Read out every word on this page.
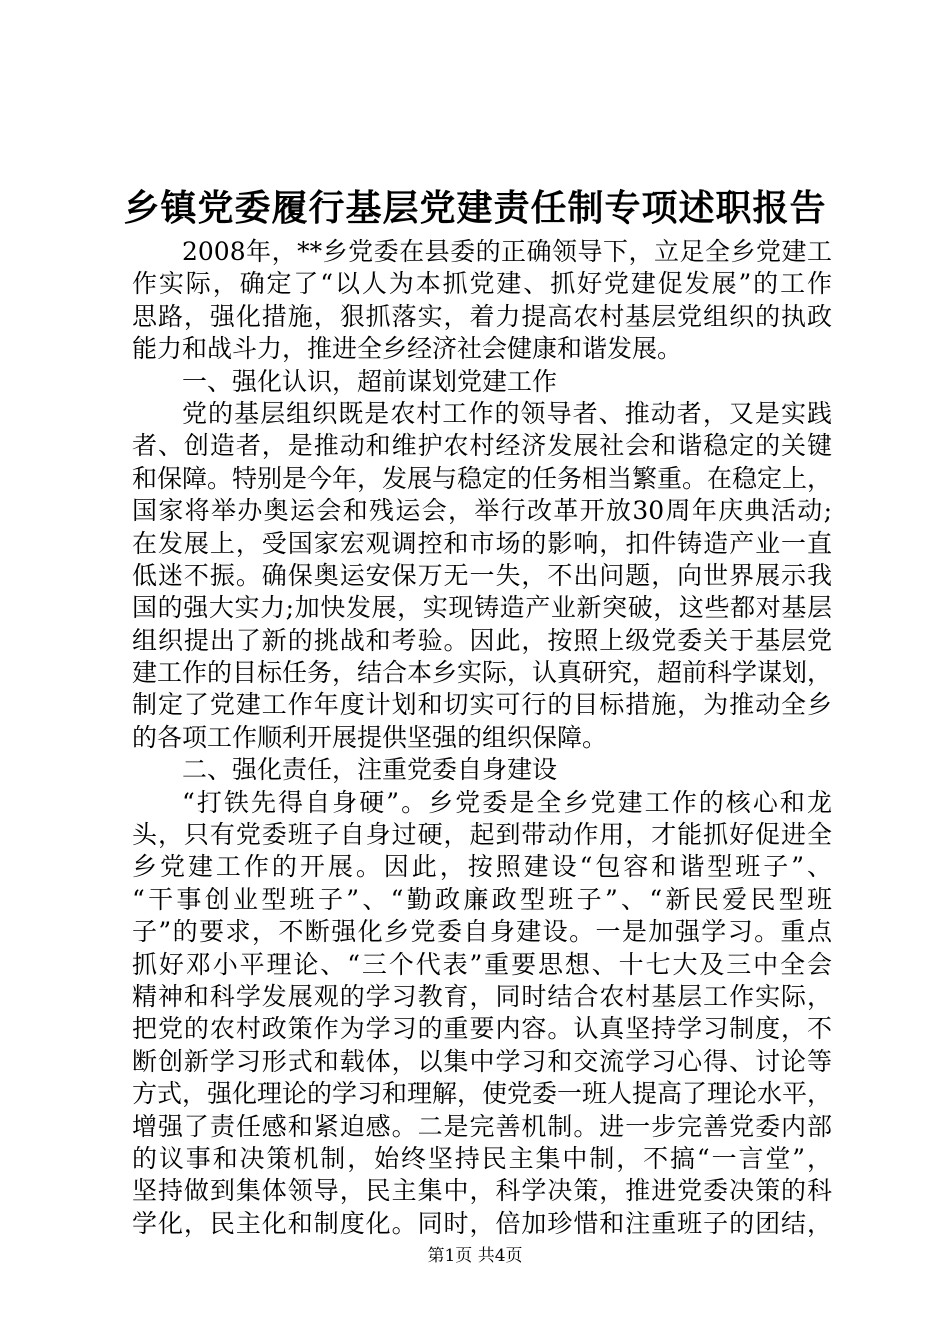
乡镇党委履行基层党建责任制专项述职报告
2008年，**乡党委在县委的正确领导下，立足全乡党建工
作实际，确定了“以人为本抓党建、抓好党建促发展”的工作
思路，强化措施，狠抓落实，着力提高农村基层党组织的执政
能力和战斗力，推进全乡经济社会健康和谐发展。
一、强化认识，超前谋划党建工作
党的基层组织既是农村工作的领导者、推动者，又是实践
者、创造者，是推动和维护农村经济发展社会和谐稳定的关键
和保障。特别是今年，发展与稳定的任务相当繁重。在稳定上，
国家将举办奥运会和残运会，举行改革开放30周年庆典活动;
在发展上，受国家宏观调控和市场的影响，扣件铸造产业一直
低迷不振。确保奥运安保万无一失，不出问题，向世界展示我
国的强大实力;加快发展，实现铸造产业新突破，这些都对基层
组织提出了新的挑战和考验。因此，按照上级党委关于基层党
建工作的目标任务，结合本乡实际，认真研究，超前科学谋划，
制定了党建工作年度计划和切实可行的目标措施，为推动全乡
的各项工作顺利开展提供坚强的组织保障。
二、强化责任，注重党委自身建设
“打铁先得自身硬”。乡党委是全乡党建工作的核心和龙
头，只有党委班子自身过硬，起到带动作用，才能抓好促进全
乡党建工作的开展。因此，按照建设“包容和谐型班子”、
“干事创业型班子”、“勤政廉政型班子”、“新民爱民型班
子”的要求，不断强化乡党委自身建设。一是加强学习。重点
抓好邓小平理论、“三个代表”重要思想、十七大及三中全会
精神和科学发展观的学习教育，同时结合农村基层工作实际，
把党的农村政策作为学习的重要内容。认真坚持学习制度，不
断创新学习形式和载体，以集中学习和交流学习心得、讨论等
方式，强化理论的学习和理解，使党委一班人提高了理论水平，
增强了责任感和紧迫感。二是完善机制。进一步完善党委内部
的议事和决策机制，始终坚持民主集中制，不搞“一言堂”，
坚持做到集体领导，民主集中，科学决策，推进党委决策的科
学化，民主化和制度化。同时，倍加珍惜和注重班子的团结，
第1页 共4页
